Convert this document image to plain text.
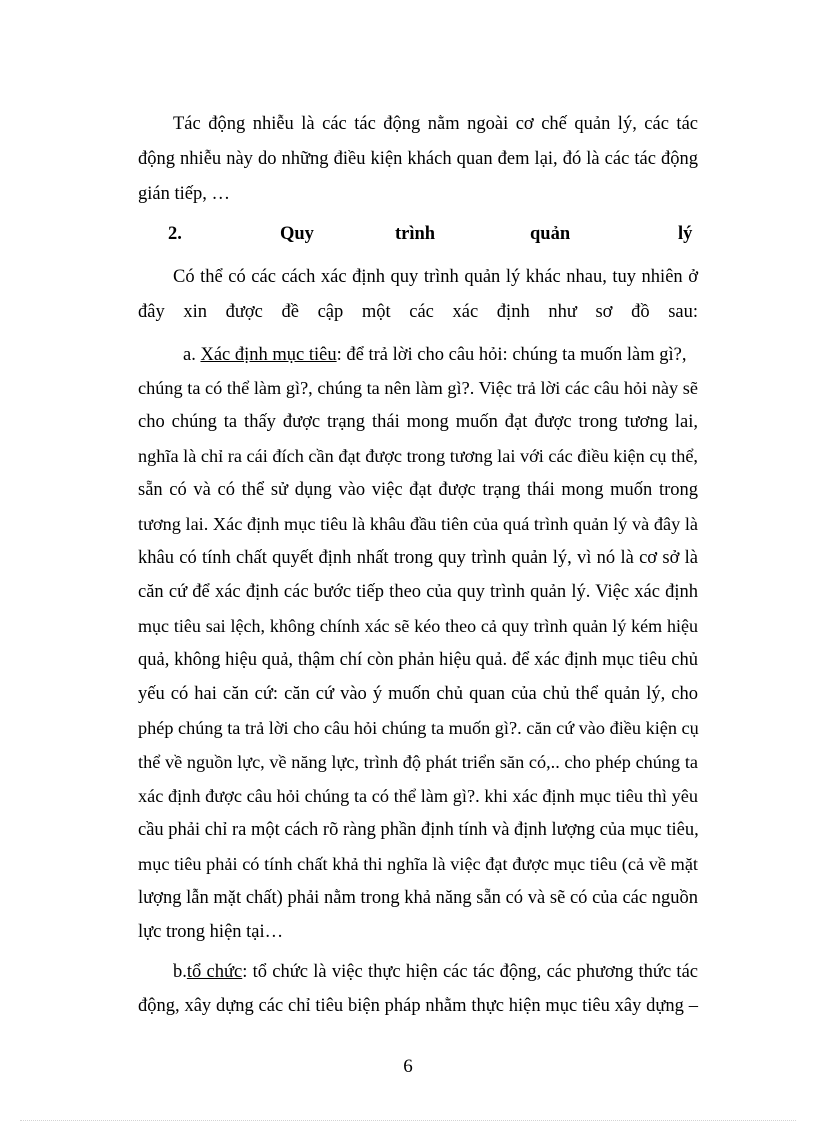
Tác động nhiễu là các tác động nằm ngoài cơ chế quản lý, các tác
động nhiễu này do những điều kiện khách quan đem lại, đó là các tác động
gián tiếp, …
2.	Quy	trình	quản	lý
Có thể có các cách xác định quy trình quản lý khác nhau, tuy nhiên ở
đây xin được đề cập một các xác định như sơ đồ sau:
a. Xác định mục tiêu: để trả lời cho câu hỏi: chúng ta muốn làm gì?,
chúng ta có thể làm gì?, chúng ta nên làm gì?. Việc trả lời các câu hỏi này sẽ
cho chúng ta thấy được trạng thái mong muốn đạt được trong tương lai,
nghĩa là chỉ ra cái đích cần đạt được trong tương lai với các điều kiện cụ thể,
sẵn có và có thể sử dụng vào việc đạt được trạng thái mong muốn trong
tương lai. Xác định mục tiêu là khâu đầu tiên của quá trình quản lý và đây là
khâu có tính chất quyết định nhất trong quy trình quản lý, vì nó là cơ sở là
căn cứ để xác định các bước tiếp theo của quy trình quản lý. Việc xác định
mục tiêu sai lệch, không chính xác sẽ kéo theo cả quy trình quản lý kém hiệu
quả, không hiệu quả, thậm chí còn phản hiệu quả. để xác định mục tiêu chủ
yếu có hai căn cứ: căn cứ vào ý muốn chủ quan của chủ thể quản lý, cho
phép chúng ta trả lời cho câu hỏi chúng ta muốn gì?. căn cứ vào điều kiện cụ
thể về nguồn lực, về năng lực, trình độ phát triển săn có,.. cho phép chúng ta
xác định được câu hỏi chúng ta có thể làm gì?. khi xác định mục tiêu thì yêu
cầu phải chỉ ra một cách rõ ràng phần định tính và định lượng của mục tiêu,
mục tiêu phải có tính chất khả thi nghĩa là việc đạt được mục tiêu (cả về mặt
lượng lẫn mặt chất) phải nằm trong khả năng sẵn có và sẽ có của các nguồn
lực trong hiện tại…
b.tổ chức: tổ chức là việc thực hiện các tác động, các phương thức tác
động, xây dựng các chỉ tiêu biện pháp nhằm thực hiện mục tiêu xây dựng –
6
